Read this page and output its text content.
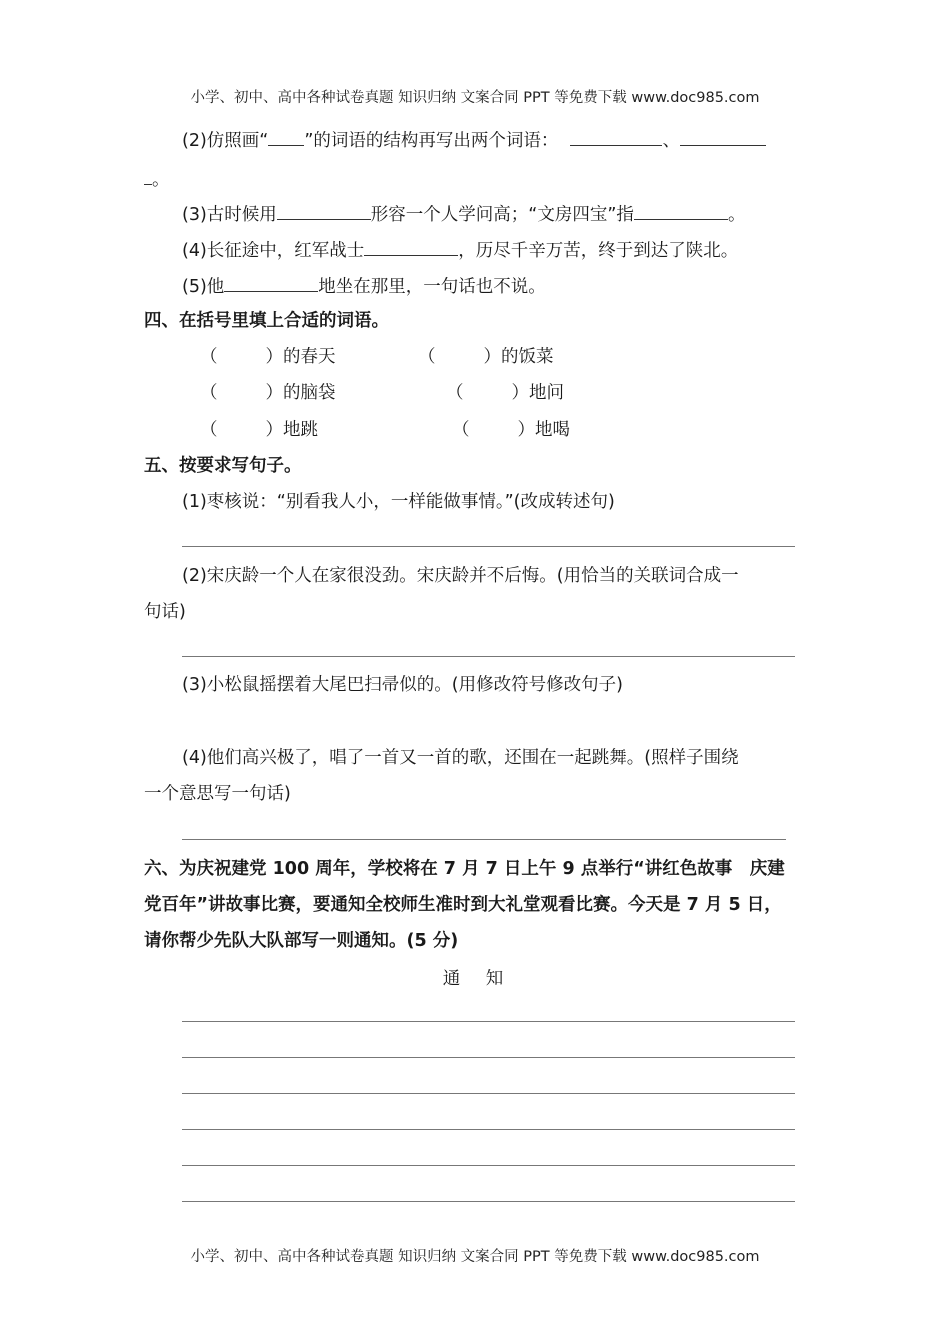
小学、初中、高中各种试卷真题 知识归纳 文案合同 PPT 等免费下载 www.doc985.com
(2)仿照画“ ”的词语的结构再写出两个词语：	、
。
(3)古时候用	形容一个人学问高；“文房四宝”指	。
(4)长征途中，红军战士	，历尽千辛万苦，终于到达了陕北。
(5)他	地坐在那里，一句话也不说。
四、在括号里填上合适的词语。
（	）的春天	（	）的饭菜
（	）的脑袋	（	）地问
（	）地跳	（	）地喝
五、按要求写句子。
(1)枣核说：“别看我人小，一样能做事情。”(改成转述句)
(2)宋庆龄一个人在家很没劲。宋庆龄并不后悔。(用恰当的关联词合成一
句话)
(3)小松鼠摇摆着大尾巴扫帚似的。(用修改符号修改句子)
(4)他们高兴极了，唱了一首又一首的歌，还围在一起跳舞。(照样子围绕
一个意思写一句话)
六、为庆祝建党 100 周年，学校将在 7 月 7 日上午 9 点举行“讲红色故事　庆建
党百年”讲故事比赛，要通知全校师生准时到大礼堂观看比赛。今天是 7 月 5 日，
请你帮少先队大队部写一则通知。(5 分)
通　知
小学、初中、高中各种试卷真题 知识归纳 文案合同 PPT 等免费下载 www.doc985.com
